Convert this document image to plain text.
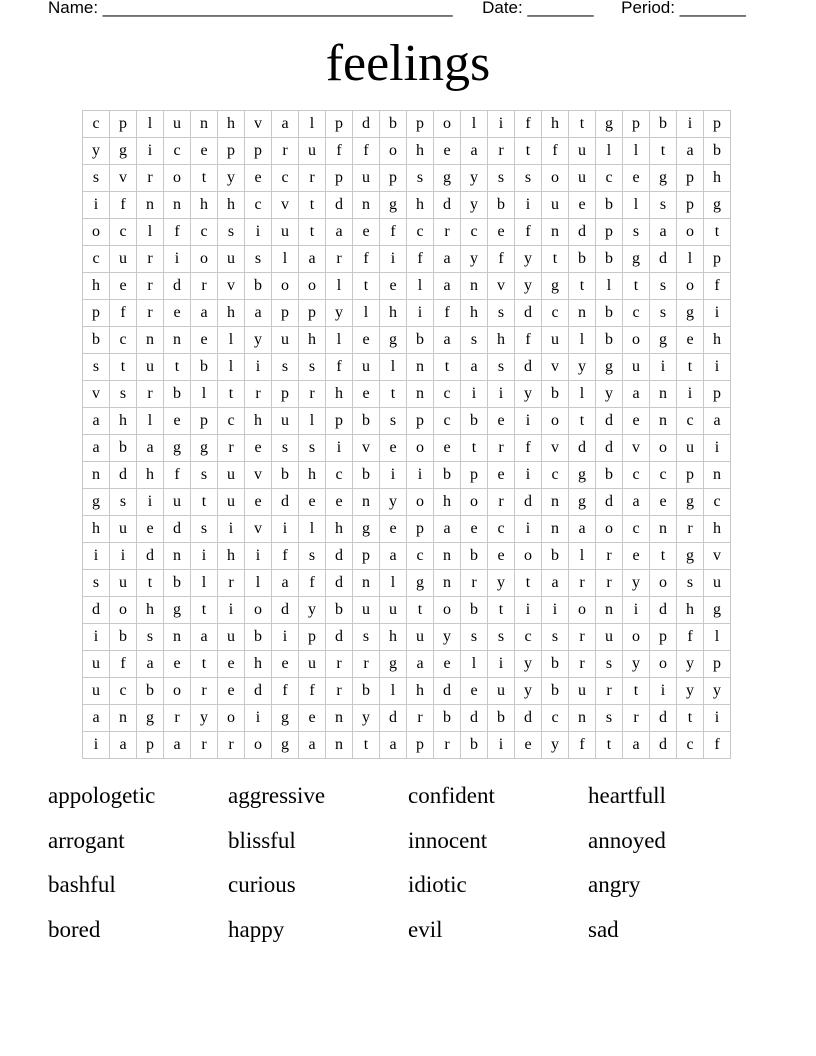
Name: _____________________________________ Date: _______ Period: _______
feelings
c	p	l	u	n	h	v	a	l	p	d	b	p	o	l	i	f	h	t	g	p	b	i	p
y	g	i	c	e	p	p	r	u	f	f	o	h	e	a	r	t	f	u	l	l	t	a	b
s	v	r	o	t	y	e	c	r	p	u	p	s	g	y	s	s	o	u	c	e	g	p	h
i	f	n	n	h	h	c	v	t	d	n	g	h	d	y	b	i	u	e	b	l	s	p	g
o	c	l	f	c	s	i	u	t	a	e	f	c	r	c	e	f	n	d	p	s	a	o	t
c	u	r	i	o	u	s	l	a	r	f	i	f	a	y	f	y	t	b	b	g	d	l	p
h	e	r	d	r	v	b	o	o	l	t	e	l	a	n	v	y	g	t	l	t	s	o	f
p	f	r	e	a	h	a	p	p	y	l	h	i	f	h	s	d	c	n	b	c	s	g	i
b	c	n	n	e	l	y	u	h	l	e	g	b	a	s	h	f	u	l	b	o	g	e	h
s	t	u	t	b	l	i	s	s	f	u	l	n	t	a	s	d	v	y	g	u	i	t	i
v	s	r	b	l	t	r	p	r	h	e	t	n	c	i	i	y	b	l	y	a	n	i	p
a	h	l	e	p	c	h	u	l	p	b	s	p	c	b	e	i	o	t	d	e	n	c	a
a	b	a	g	g	r	e	s	s	i	v	e	o	e	t	r	f	v	d	d	v	o	u	i
n	d	h	f	s	u	v	b	h	c	b	i	i	b	p	e	i	c	g	b	c	c	p	n
g	s	i	u	t	u	e	d	e	e	n	y	o	h	o	r	d	n	g	d	a	e	g	c
h	u	e	d	s	i	v	i	l	h	g	e	p	a	e	c	i	n	a	o	c	n	r	h
i	i	d	n	i	h	i	f	s	d	p	a	c	n	b	e	o	b	l	r	e	t	g	v
s	u	t	b	l	r	l	a	f	d	n	l	g	n	r	y	t	a	r	r	y	o	s	u
d	o	h	g	t	i	o	d	y	b	u	u	t	o	b	t	i	i	o	n	i	d	h	g
i	b	s	n	a	u	b	i	p	d	s	h	u	y	s	s	c	s	r	u	o	p	f	l
u	f	a	e	t	e	h	e	u	r	r	g	a	e	l	i	y	b	r	s	y	o	y	p
u	c	b	o	r	e	d	f	f	r	b	l	h	d	e	u	y	b	u	r	t	i	y	y
a	n	g	r	y	o	i	g	e	n	y	d	r	b	d	b	d	c	n	s	r	d	t	i
i	a	p	a	r	r	o	g	a	n	t	a	p	r	b	i	e	y	f	t	a	d	c	f
appologetic	aggressive	confident	heartfull
arrogant	blissful	innocent	annoyed
bashful	curious	idiotic	angry
bored	happy	evil	sad
